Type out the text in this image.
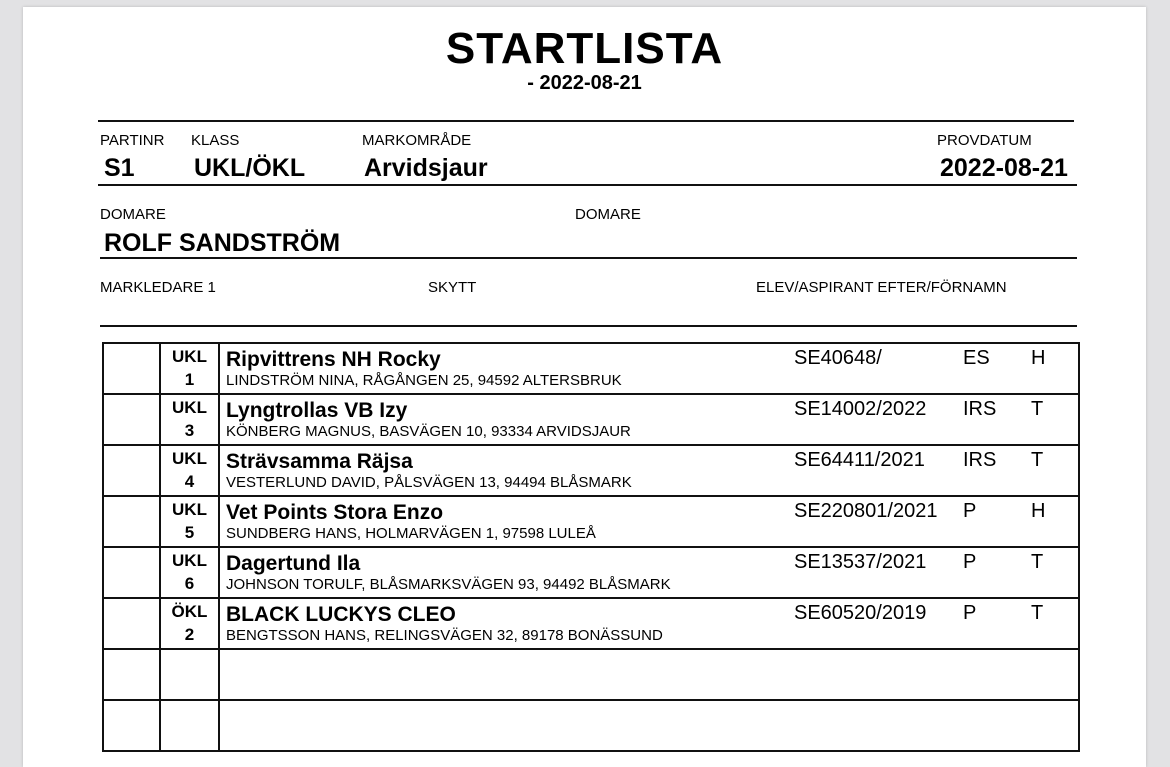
STARTLISTA
- 2022-08-21
PARTINR KLASS	MARKOMRÅDE	PROVDATUM
S1 UKL/ÖKL Arvidsjaur	2022-08-21
DOMARE	DOMARE
ROLF SANDSTRÖM
MARKLEDARE 1	SKYTT	ELEV/ASPIRANT EFTER/FÖRNAMN
UKL
1
Ripvittrens NH Rocky
LINDSTRÖM NINA, RÅGÅNGEN 25, 94592 ALTERSBRUK
SE40648/	ES H
UKL
3
Lyngtrollas VB Izy
KÖNBERG MAGNUS, BASVÄGEN 10, 93334 ARVIDSJAUR
SE14002/2022 IRS T
UKL
4
Strävsamma Räjsa
VESTERLUND DAVID, PÅLSVÄGEN 13, 94494 BLÅSMARK
SE64411/2021 IRS T
UKL
5
Vet Points Stora Enzo
SUNDBERG HANS, HOLMARVÄGEN 1, 97598 LULEÅ
SE220801/2021 P	H
UKL
6
Dagertund Ila
JOHNSON TORULF, BLÅSMARKSVÄGEN 93, 94492 BLÅSMARK
SE13537/2021 P	T
ÖKL
2
BLACK LUCKYS CLEO
BENGTSSON HANS, RELINGSVÄGEN 32, 89178 BONÄSSUND
SE60520/2019 P	T
